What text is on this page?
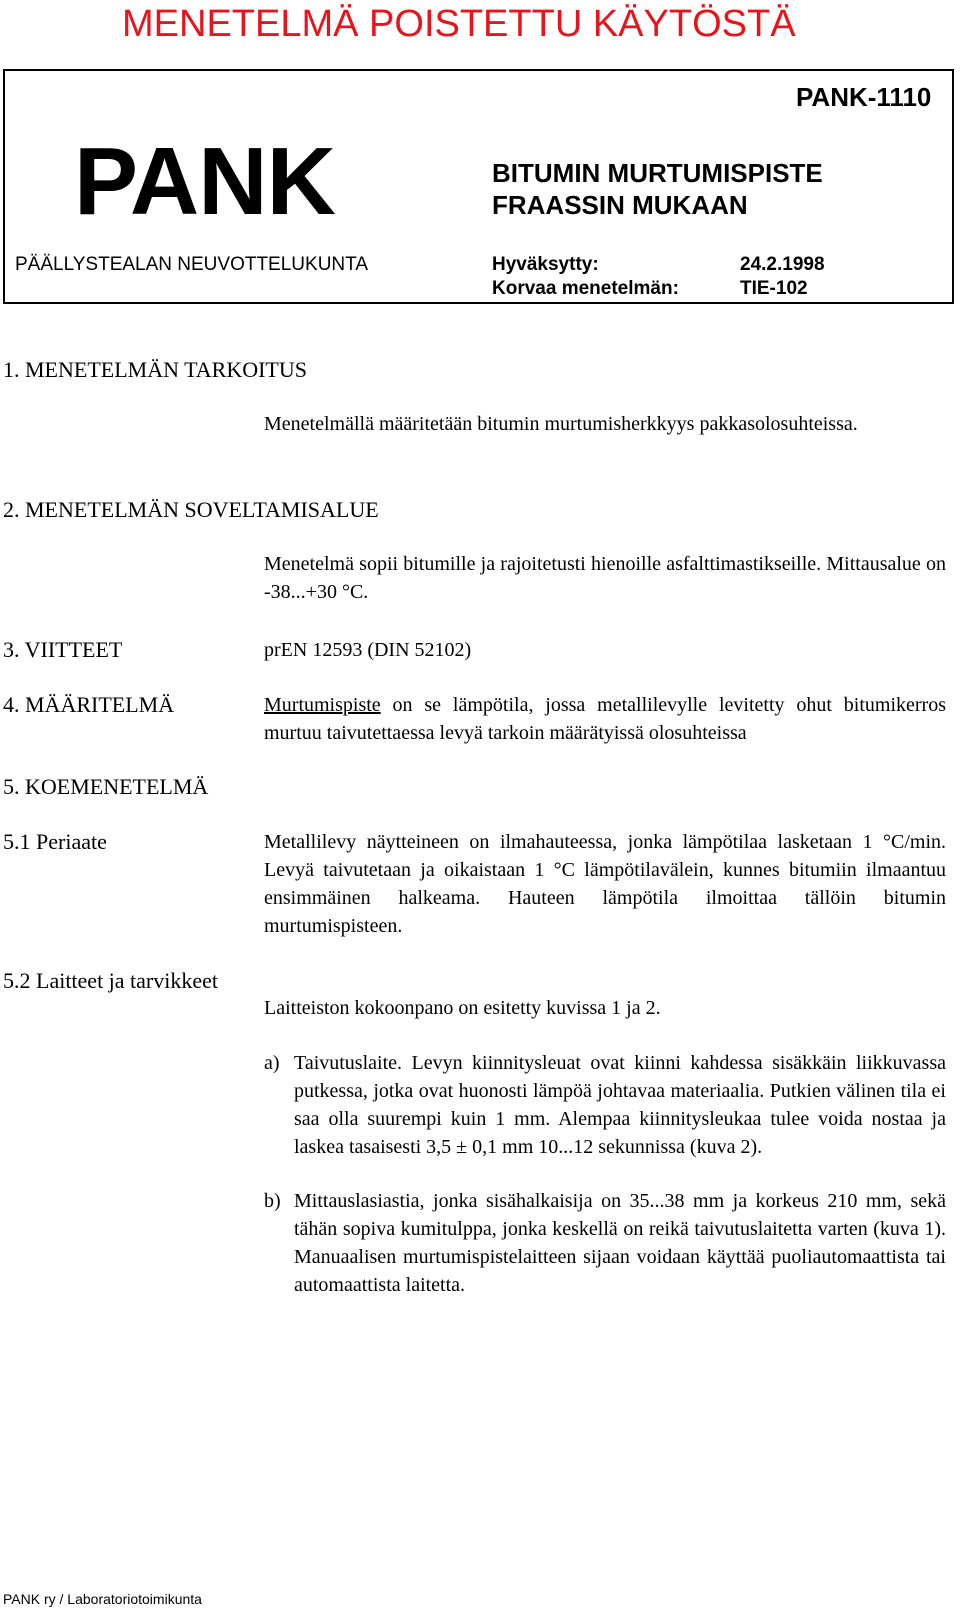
MENETELMÄ POISTETTU KÄYTÖSTÄ
PANK-1110
PANK	BITUMIN MURTUMISPISTE
FRAASSIN MUKAAN
PÄÄLLYSTEALAN NEUVOTTELUKUNTA	Hyväksytty:	24.2.1998
Korvaa menetelmän:	TIE-102
1. MENETELMÄN TARKOITUS

Menetelmällä määritetään bitumin murtumisherkkyys pakkasolosuhteissa.

2. MENETELMÄN SOVELTAMISALUE

Menetelmä sopii bitumille ja rajoitetusti hienoille asfalttimastikseille. Mittausalue on -38...+30 °C.

3. VIITTEET	prEN 12593 (DIN 52102)
4. MÄÄRITELMÄ	Murtumispiste on se lämpötila, jossa metallilevylle levitetty ohut bitumikerros murtuu taivutettaessa levyä tarkoin määrätyissä olosuhteissa

5. KOEMENETELMÄ
5.1 Periaate	Metallilevy näytteineen on ilmahauteessa, jonka lämpötilaa lasketaan 1 °C/min. Levyä taivutetaan ja oikaistaan 1 °C lämpötilavälein, kunnes bitumiin ilmaantuu ensimmäinen halkeama. Hauteen lämpötila ilmoittaa tällöin bitumin murtumispisteen.

5.2 Laitteet ja tarvikkeet

Laitteiston kokoonpano on esitetty kuvissa 1 ja 2.

a) Taivutuslaite. Levyn kiinnitysleuat ovat kiinni kahdessa sisäkkäin liikkuvassa putkessa, jotka ovat huonosti lämpöä johtavaa materiaalia. Putkien välinen tila ei saa olla suurempi kuin 1 mm. Alempaa kiinnitysleukaa tulee voida nostaa ja laskea tasaisesti 3,5 ± 0,1 mm 10...12 sekunnissa (kuva 2).
b) Mittauslasiastia, jonka sisähalkaisija on 35...38 mm ja korkeus 210 mm, sekä tähän sopiva kumitulppa, jonka keskellä on reikä taivutuslaitetta varten (kuva 1). Manuaalisen murtumispistelaitteen sijaan voidaan käyttää puoliautomaattista tai automaattista laitetta.
PANK ry / Laboratoriotoimikunta
